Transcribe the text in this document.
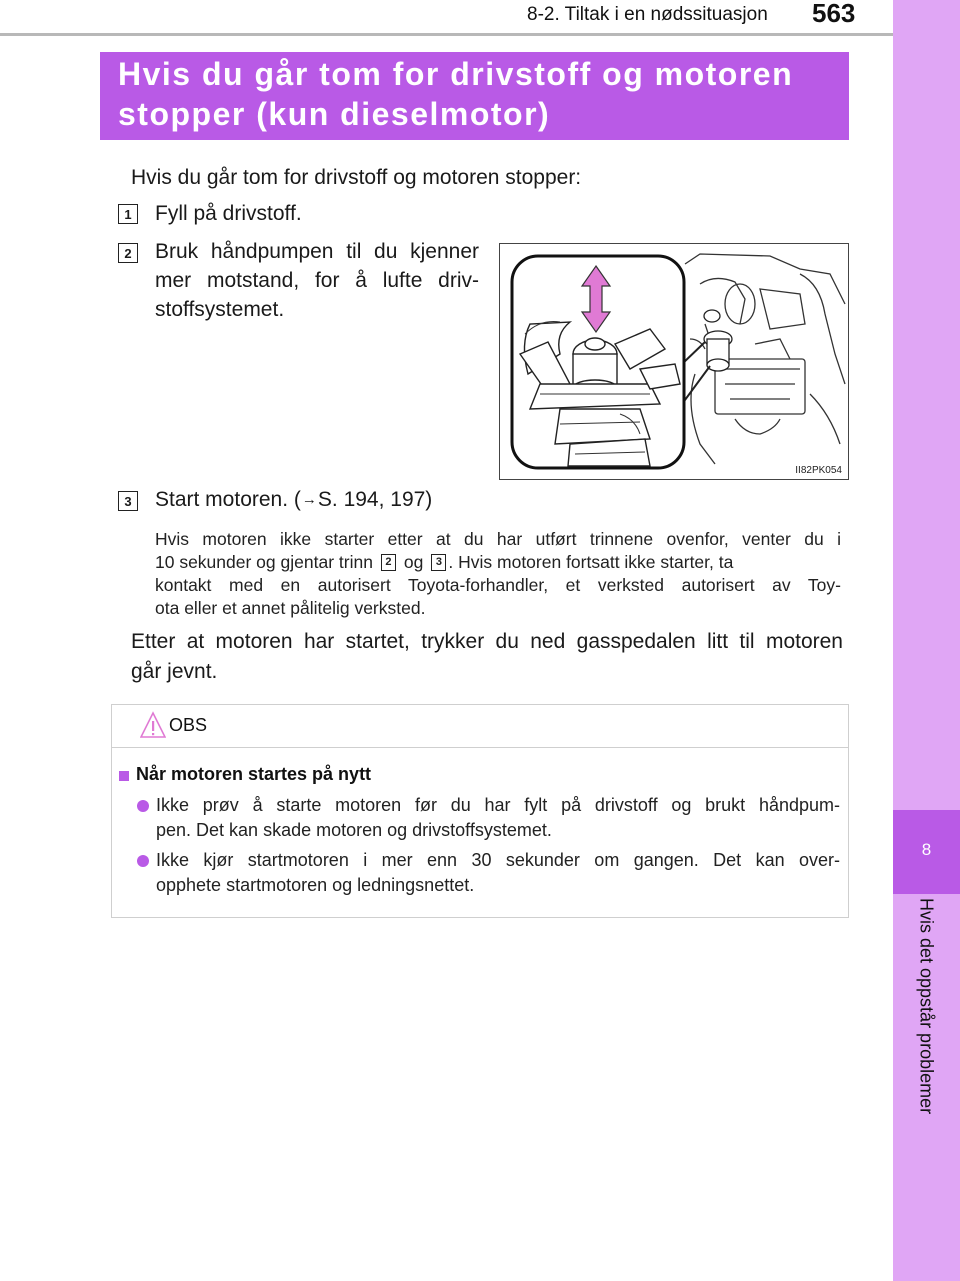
8-2. Tiltak i en nødssituasjon 563
8
Hvis det oppstår problemer
Hvis du går tom for drivstoff og motoren
stopper (kun dieselmotor)
Hvis du går tom for drivstoff og motoren stopper:
1	Fyll på drivstoff.
2	Bruk håndpumpen til du kjenner
mer motstand, for å lufte driv-
stoffsystemet.
II82PK054
3	Start motoren. ( → S. 194, 197)
Hvis motoren ikke starter etter at du har utført trinnene ovenfor, venter du i
10 sekunder og gjentar trinn	2 og	3 . Hvis motoren fortsatt ikke starter, ta
kontakt med en autorisert Toyota-forhandler, et verksted autorisert av Toy-
ota eller et annet pålitelig verksted.
Etter at motoren har startet, trykker du ned gasspedalen litt til motoren
går jevnt.
OBS
Når motoren startes på nytt
Ikke prøv å starte motoren før du har fylt på drivstoff og brukt håndpum-
pen. Det kan skade motoren og drivstoffsystemet.
Ikke kjør startmotoren i mer enn 30 sekunder om gangen. Det kan over-
opphete startmotoren og ledningsnettet.
